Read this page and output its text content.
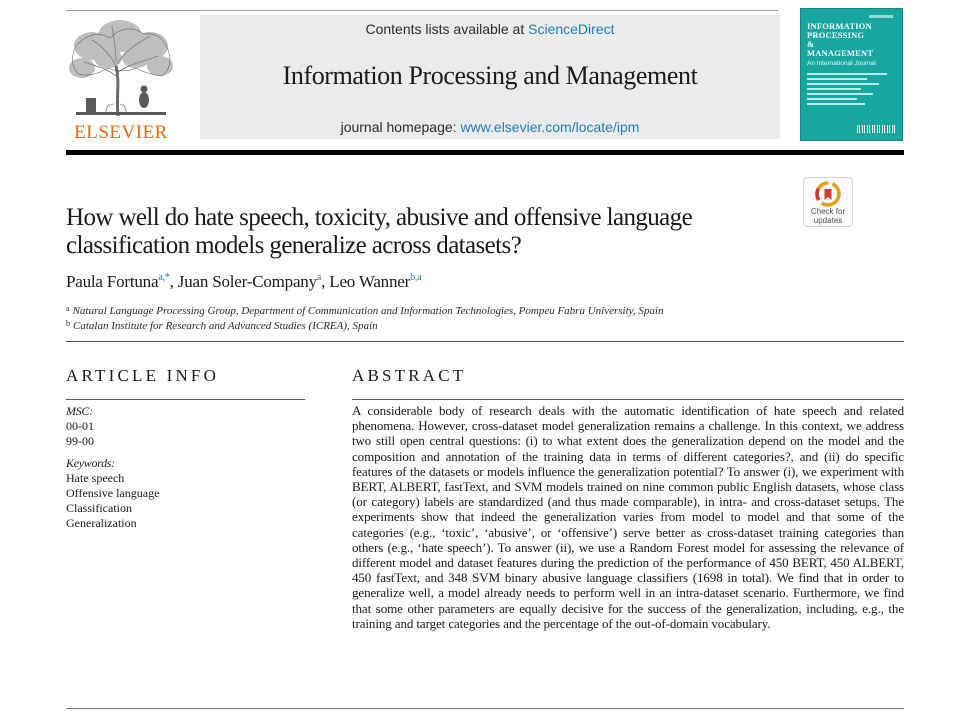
ELSEVIER
Contents lists available at ScienceDirect
Information Processing and Management
journal homepage: www.elsevier.com/locate/ipm
INFORMATION
PROCESSING
&
MANAGEMENT
An International Journal
Check for
updates
How well do hate speech, toxicity, abusive and offensive language classification models generalize across datasets?
Paula Fortuna$^{a,*}$, Juan Soler-Company$^a$, Leo Wanner$^{b,a}$
$^a$ Natural Language Processing Group, Department of Communication and Information Technologies, Pompeu Fabra University, Spain
$^b$ Catalan Institute for Research and Advanced Studies (ICREA), Spain
ARTICLE INFO	ABSTRACT
MSC:
00-01
99-00
Keywords:
Hate speech
Offensive language
Classification
Generalization
A considerable body of research deals with the automatic identification of hate speech and related phenomena. However, cross-dataset model generalization remains a challenge. In this context, we address two still open central questions: (i) to what extent does the generalization depend on the model and the composition and annotation of the training data in terms of different categories?, and (ii) do specific features of the datasets or models influence the generalization potential? To answer (i), we experiment with BERT, ALBERT, fastText, and SVM models trained on nine common public English datasets, whose class (or category) labels are standardized (and thus made comparable), in intra- and cross-dataset setups. The experiments show that indeed the generalization varies from model to model and that some of the categories (e.g., ‘toxic’, ‘abusive’, or ‘offensive’) serve better as cross-dataset training categories than others (e.g., ‘hate speech’). To answer (ii), we use a Random Forest model for assessing the relevance of different model and dataset features during the prediction of the performance of 450 BERT, 450 ALBERT, 450 fastText, and 348 SVM binary abusive language classifiers (1698 in total). We find that in order to generalize well, a model already needs to perform well in an intra-dataset scenario. Furthermore, we find that some other parameters are equally decisive for the success of the generalization, including, e.g., the training and target categories and the percentage of the out-of-domain vocabulary.
